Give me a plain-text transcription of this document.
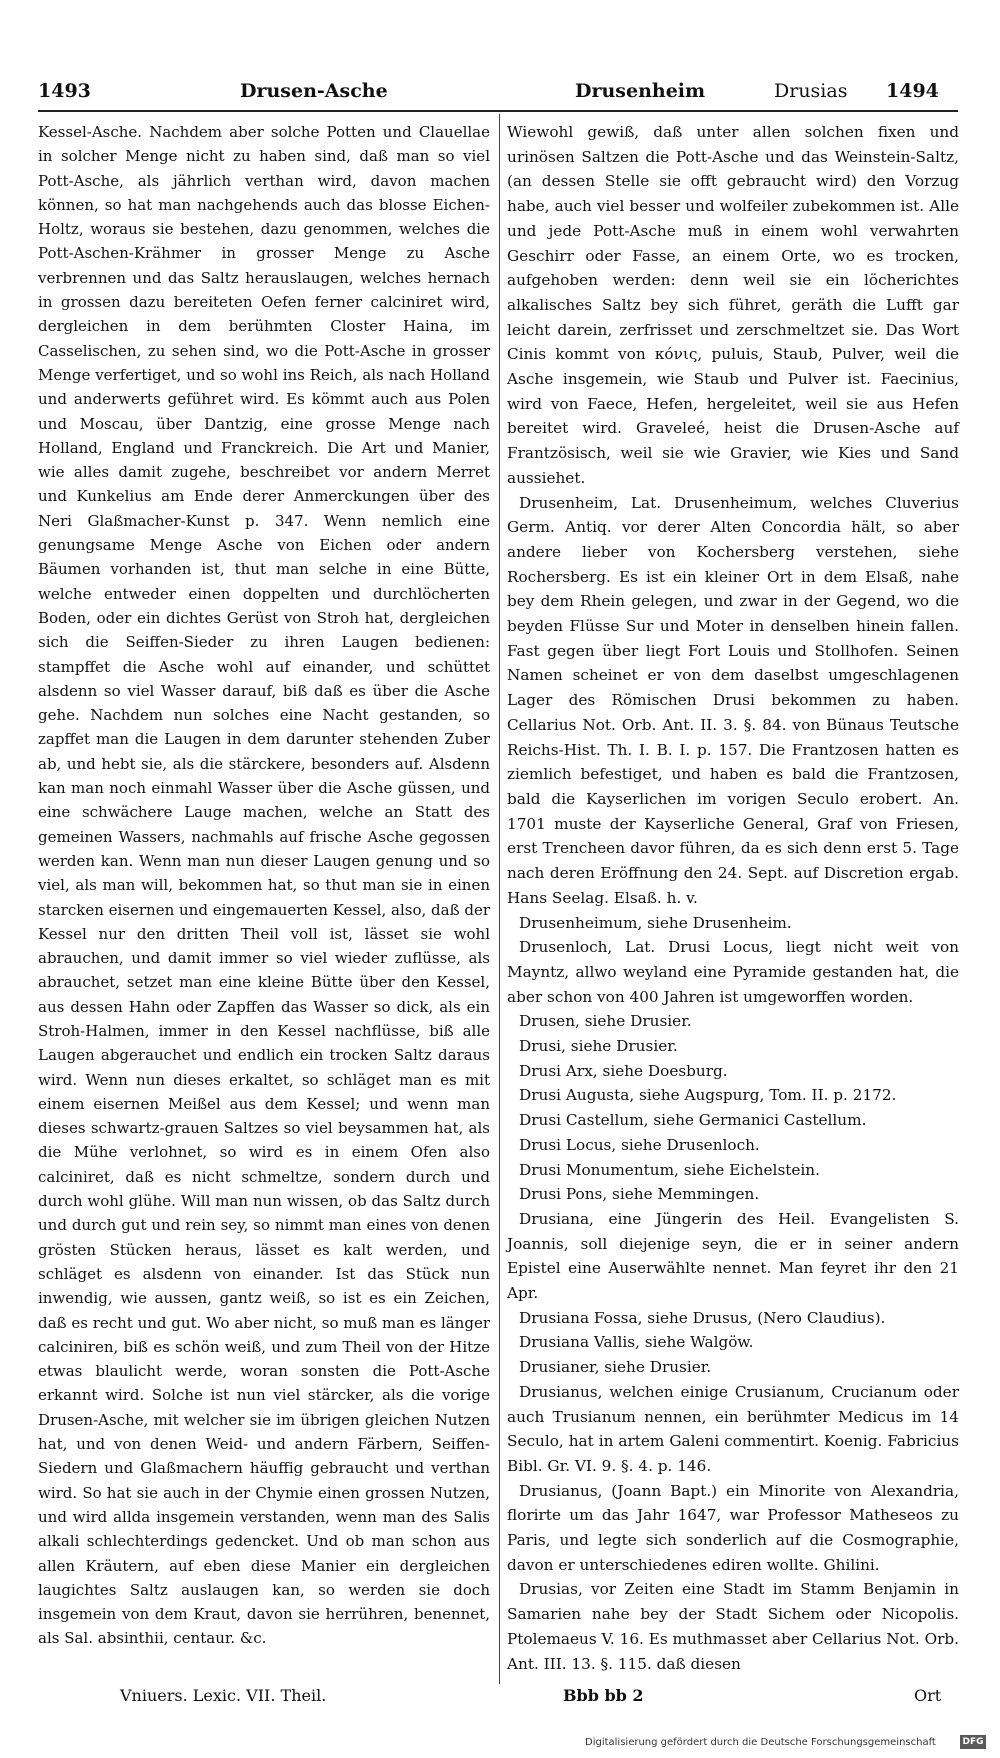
1493	Drusen-Asche	Drusenheim	Drusias 1494

Kessel-Asche. Nachdem aber solche Potten und Clauellae in solcher Menge nicht zu haben sind, daß man so viel Pott-Asche, als jährlich verthan wird, davon machen können, so hat man nachgehends auch das blosse Eichen-Holtz, woraus sie bestehen, dazu genommen, welches die Pott-Aschen-Krähmer in grosser Menge zu Asche verbrennen und das Saltz herauslaugen, welches hernach in grossen dazu bereiteten Oefen ferner calciniret wird, dergleichen in dem berühmten Closter Haina, im Casselischen, zu sehen sind, wo die Pott-Asche in grosser Menge verfertiget, und so wohl ins Reich, als nach Holland und anderwerts geführet wird. Es kömmt auch aus Polen und Moscau, über Dantzig, eine grosse Menge nach Holland, England und Franckreich. Die Art und Manier, wie alles damit zugehe, beschreibet vor andern Merret und Kunkelius am Ende derer Anmerckungen über des Neri Glaßmacher-Kunst p. 347. Wenn nemlich eine genungsame Menge Asche von Eichen oder andern Bäumen vorhanden ist, thut man selche in eine Bütte, welche entweder einen doppelten und durchlöcherten Boden, oder ein dichtes Gerüst von Stroh hat, dergleichen sich die Seiffen-Sieder zu ihren Laugen bedienen: stampffet die Asche wohl auf einander, und schüttet alsdenn so viel Wasser darauf, biß daß es über die Asche gehe. Nachdem nun solches eine Nacht gestanden, so zapffet man die Laugen in dem darunter stehenden Zuber ab, und hebt sie, als die stärckere, besonders auf. Alsdenn kan man noch einmahl Wasser über die Asche güssen, und eine schwächere Lauge machen, welche an Statt des gemeinen Wassers, nachmahls auf frische Asche gegossen werden kan. Wenn man nun dieser Laugen genung und so viel, als man will, bekommen hat, so thut man sie in einen starcken eisernen und eingemauerten Kessel, also, daß der Kessel nur den dritten Theil voll ist, lässet sie wohl abrauchen, und damit immer so viel wieder zuflüsse, als abrauchet, setzet man eine kleine Bütte über den Kessel, aus dessen Hahn oder Zapffen das Wasser so dick, als ein Stroh-Halmen, immer in den Kessel nachflüsse, biß alle Laugen abgerauchet und endlich ein trocken Saltz daraus wird. Wenn nun dieses erkaltet, so schläget man es mit einem eisernen Meißel aus dem Kessel; und wenn man dieses schwartz-grauen Saltzes so viel beysammen hat, als die Mühe verlohnet, so wird es in einem Ofen also calciniret, daß es nicht schmeltze, sondern durch und durch wohl glühe. Will man nun wissen, ob das Saltz durch und durch gut und rein sey, so nimmt man eines von denen grösten Stücken heraus, lässet es kalt werden, und schläget es alsdenn von einander. Ist das Stück nun inwendig, wie aussen, gantz weiß, so ist es ein Zeichen, daß es recht und gut. Wo aber nicht, so muß man es länger calciniren, biß es schön weiß, und zum Theil von der Hitze etwas blaulicht werde, woran sonsten die Pott-Asche erkannt wird. Solche ist nun viel stärcker, als die vorige Drusen-Asche, mit welcher sie im übrigen gleichen Nutzen hat, und von denen Weid- und andern Färbern, Seiffen-Siedern und Glaßmachern häuffig gebraucht und verthan wird. So hat sie auch in der Chymie einen grossen Nutzen, und wird allda insgemein verstanden, wenn man des Salis alkali schlechterdings gedencket. Und ob man schon aus allen Kräutern, auf eben diese Manier ein dergleichen laugichtes Saltz auslaugen kan, so werden sie doch insgemein von dem Kraut, davon sie herrühren, benennet, als Sal. absinthii, centaur. &c.

Wiewohl gewiß, daß unter allen solchen fixen und urinösen Saltzen die Pott-Asche und das Weinstein-Saltz, (an dessen Stelle sie offt gebraucht wird) den Vorzug habe, auch viel besser und wolfeiler zubekommen ist. Alle und jede Pott-Asche muß in einem wohl verwahrten Geschirr oder Fasse, an einem Orte, wo es trocken, aufgehoben werden: denn weil sie ein löcherichtes alkalisches Saltz bey sich führet, geräth die Lufft gar leicht darein, zerfrisset und zerschmeltzet sie. Das Wort Cinis kommt von κόνις, puluis, Staub, Pulver, weil die Asche insgemein, wie Staub und Pulver ist. Faecinius, wird von Faece, Hefen, hergeleitet, weil sie aus Hefen bereitet wird. Graveleé, heist die Drusen-Asche auf Frantzösisch, weil sie wie Gravier, wie Kies und Sand aussiehet.

Drusenheim, Lat. Drusenheimum, welches Cluverius Germ. Antiq. vor derer Alten Concordia hält, so aber andere lieber von Kochersberg verstehen, siehe Rochersberg. Es ist ein kleiner Ort in dem Elsaß, nahe bey dem Rhein gelegen, und zwar in der Gegend, wo die beyden Flüsse Sur und Moter in denselben hinein fallen. Fast gegen über liegt Fort Louis und Stollhofen. Seinen Namen scheinet er von dem daselbst umgeschlagenen Lager des Römischen Drusi bekommen zu haben. Cellarius Not. Orb. Ant. II. 3. §. 84. von Bünaus Teutsche Reichs-Hist. Th. I. B. I. p. 157. Die Frantzosen hatten es ziemlich befestiget, und haben es bald die Frantzosen, bald die Kayserlichen im vorigen Seculo erobert. An. 1701 muste der Kayserliche General, Graf von Friesen, erst Trencheen davor führen, da es sich denn erst 5. Tage nach deren Eröffnung den 24. Sept. auf Discretion ergab. Hans Seelag. Elsaß. h. v.

Drusenheimum, siehe Drusenheim.

Drusenloch, Lat. Drusi Locus, liegt nicht weit von Mayntz, allwo weyland eine Pyramide gestanden hat, die aber schon von 400 Jahren ist umgeworffen worden.

Drusen, siehe Drusier.

Drusi, siehe Drusier.

Drusi Arx, siehe Doesburg.

Drusi Augusta, siehe Augspurg, Tom. II. p. 2172.

Drusi Castellum, siehe Germanici Castellum.

Drusi Locus, siehe Drusenloch.

Drusi Monumentum, siehe Eichelstein.

Drusi Pons, siehe Memmingen.

Drusiana, eine Jüngerin des Heil. Evangelisten S. Joannis, soll diejenige seyn, die er in seiner andern Epistel eine Auserwählte nennet. Man feyret ihr den 21 Apr.

Drusiana Fossa, siehe Drusus, (Nero Claudius).

Drusiana Vallis, siehe Walgöw.

Drusianer, siehe Drusier.

Drusianus, welchen einige Crusianum, Crucianum oder auch Trusianum nennen, ein berühmter Medicus im 14 Seculo, hat in artem Galeni commentirt. Koenig. Fabricius Bibl. Gr. VI. 9. §. 4. p. 146.

Drusianus, (Joann Bapt.) ein Minorite von Alexandria, florirte um das Jahr 1647, war Professor Matheseos zu Paris, und legte sich sonderlich auf die Cosmographie, davon er unterschiedenes ediren wollte. Ghilini.

Drusias, vor Zeiten eine Stadt im Stamm Benjamin in Samarien nahe bey der Stadt Sichem oder Nicopolis. Ptolemaeus V. 16. Es muthmasset aber Cellarius Not. Orb. Ant. III. 13. §. 115. daß diesen

Vniuers. Lexic. VII. Theil.	Bbb bb 2	Ort
Digitalisierung gefördert durch die Deutsche Forschungsgemeinschaft	DFG
